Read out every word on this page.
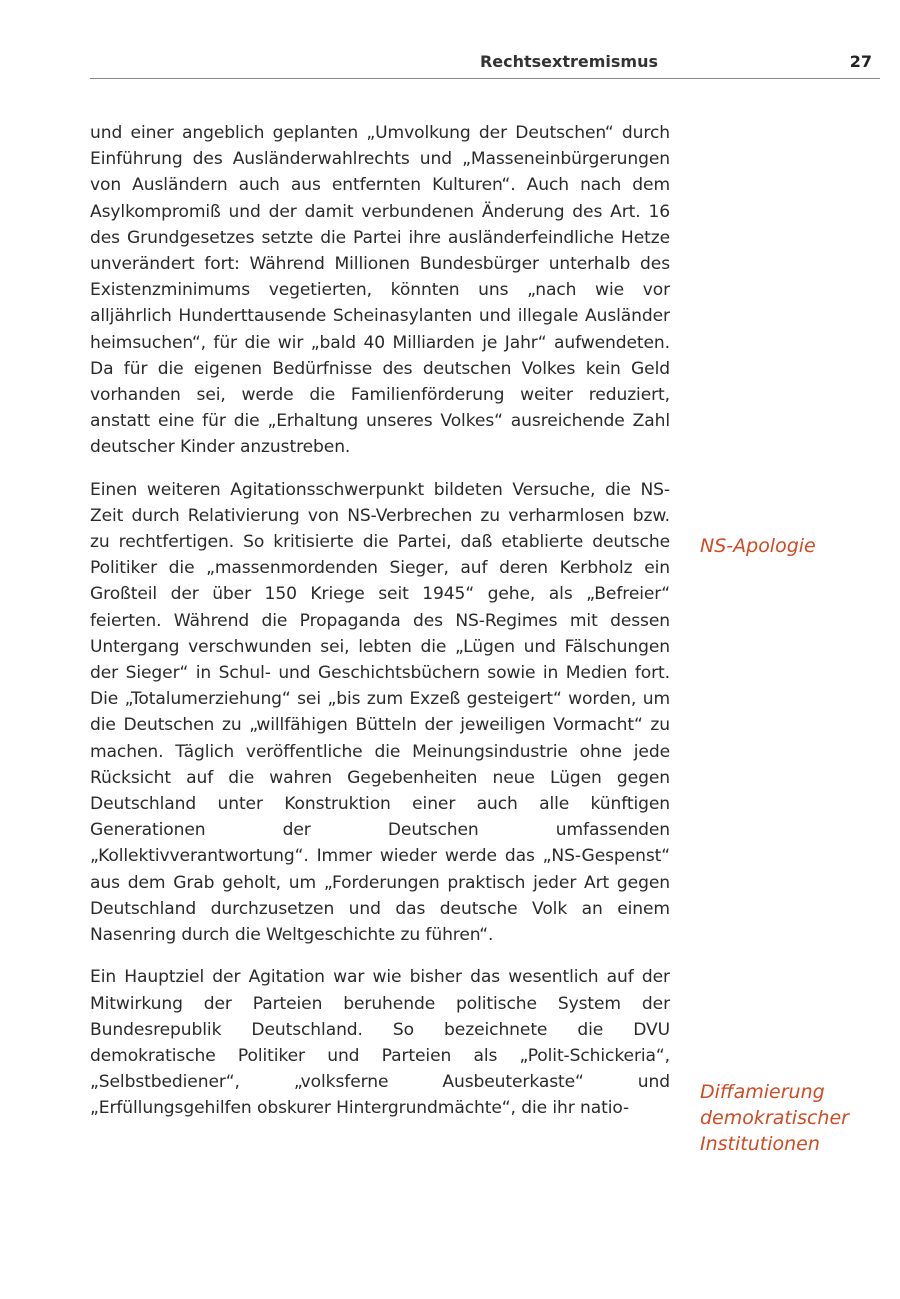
Rechtsextremismus	27

und einer angeblich geplanten „Umvolkung der Deutschen“ durch Einführung des Ausländerwahlrechts und „Masseneinbürgerungen von Ausländern auch aus entfernten Kulturen“. Auch nach dem Asylkompromiß und der damit verbundenen Änderung des Art. 16 des Grundgesetzes setzte die Partei ihre ausländerfeindliche Hetze unverändert fort: Während Millionen Bundesbürger unterhalb des Existenzminimums vegetierten, könnten uns „nach wie vor alljährlich Hunderttausende Scheinasylanten und illegale Ausländer heimsuchen“, für die wir „bald 40 Milliarden je Jahr“ aufwendeten. Da für die eigenen Bedürfnisse des deutschen Volkes kein Geld vorhanden sei, werde die Familienförderung weiter reduziert, anstatt eine für die „Erhaltung unseres Volkes“ ausreichende Zahl deutscher Kinder anzustreben.

Einen weiteren Agitationsschwerpunkt bildeten Versuche, die NS-Zeit durch Relativierung von NS-Verbrechen zu verharmlosen bzw. zu rechtfertigen. So kritisierte die Partei, daß etablierte deutsche Politiker die „massenmordenden Sieger, auf deren Kerbholz ein Großteil der über 150 Kriege seit 1945“ gehe, als „Befreier“ feierten. Während die Propaganda des NS-Regimes mit dessen Untergang verschwunden sei, lebten die „Lügen und Fälschungen der Sieger“ in Schul- und Geschichtsbüchern sowie in Medien fort. Die „Totalumerziehung“ sei „bis zum Exzeß gesteigert“ worden, um die Deutschen zu „willfähigen Bütteln der jeweiligen Vormacht“ zu machen. Täglich veröffentliche die Meinungsindustrie ohne jede Rücksicht auf die wahren Gegebenheiten neue Lügen gegen Deutschland unter Konstruktion einer auch alle künftigen Generationen der Deutschen umfassenden „Kollektivverantwortung“. Immer wieder werde das „NS-Gespenst“ aus dem Grab geholt, um „Forderungen praktisch jeder Art gegen Deutschland durchzusetzen und das deutsche Volk an einem Nasenring durch die Weltgeschichte zu führen“.

Ein Hauptziel der Agitation war wie bisher das wesentlich auf der Mitwirkung der Parteien beruhende politische System der Bundesrepublik Deutschland. So bezeichnete die DVU demokratische Politiker und Parteien als „Polit-Schickeria“, „Selbstbediener“, „volksferne Ausbeuterkaste“ und „Erfüllungsgehilfen obskurer Hintergrundmächte“, die ihr natio-

NS-Apologie
Diffamierung demokratischer Institutionen
